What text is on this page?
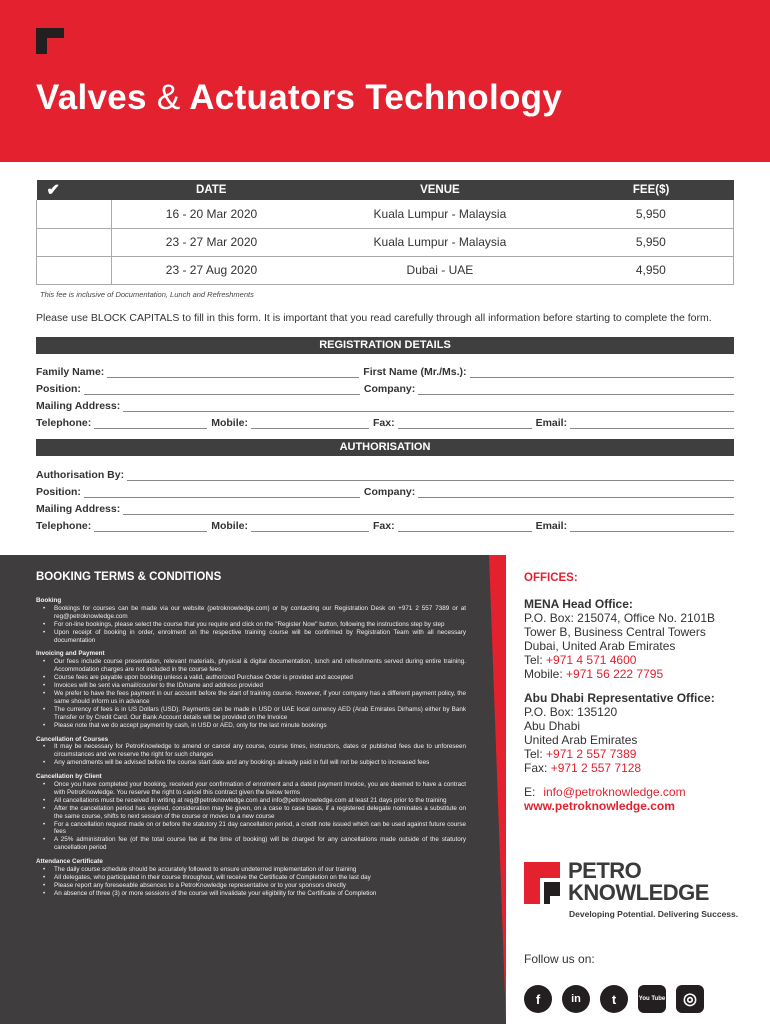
Valves & Actuators Technology
✔	DATE	VENUE	FEE($)
	16 - 20 Mar 2020	Kuala Lumpur - Malaysia	5,950
	23 - 27 Mar 2020	Kuala Lumpur - Malaysia	5,950
	23 - 27 Aug 2020	Dubai - UAE	4,950
This fee is inclusive of Documentation, Lunch and Refreshments
Please use BLOCK CAPITALS to fill in this form. It is important that you read carefully through all information before starting to complete the form.
REGISTRATION DETAILS
Family Name:	First Name (Mr./Ms.):
Position:	Company:
Mailing Address:
Telephone:	Mobile:	Fax:	Email:
AUTHORISATION
Authorisation By:
Position:	Company:
Mailing Address:
Telephone:	Mobile:	Fax:	Email:
BOOKING TERMS & CONDITIONS
Booking
• Bookings for courses can be made via our website (petroknowledge.com) or by contacting our Registration Desk on +971 2 557 7389 or at reg@petroknowledge.com
• For on-line bookings, please select the course that you require and click on the "Register Now" button, following the instructions step by step
• Upon receipt of booking in order, enrolment on the respective training course will be confirmed by Registration Team with all necessary documentation
Invoicing and Payment
• Our fees include course presentation, relevant materials, physical & digital documentation, lunch and refreshments served during entire training. Accommodation charges are not included in the course fees
• Course fees are payable upon booking unless a valid, authorized Purchase Order is provided and accepted
• Invoices will be sent via email/courier to the ID/name and address provided
• We prefer to have the fees payment in our account before the start of training course. However, if your company has a different payment policy, the same should inform us in advance
• The currency of fees is in US Dollars (USD). Payments can be made in USD or UAE local currency AED (Arab Emirates Dirhams) either by Bank Transfer or by Credit Card. Our Bank Account details will be provided on the Invoice
• Please note that we do accept payment by cash, in USD or AED, only for the last minute bookings
Cancellation of Courses
• It may be necessary for PetroKnowledge to amend or cancel any course, course times, instructors, dates or published fees due to unforeseen circumstances and we reserve the right for such changes
• Any amendments will be advised before the course start date and any bookings already paid in full will not be subject to increased fees
Cancellation by Client
• Once you have completed your booking, received your confirmation of enrolment and a dated payment Invoice, you are deemed to have a contract with PetroKnowledge. You reserve the right to cancel this contract given the below terms
• All cancellations must be received in writing at reg@petroknowledge.com and info@petroknowledge.com at least 21 days prior to the training
• After the cancellation period has expired, consideration may be given, on a case to case basis, if a registered delegate nominates a substitute on the same course, shifts to next session of the course or moves to a new course
• For a cancellation request made on or before the statutory 21 day cancellation period, a credit note issued which can be used against future course fees
• A 25% administration fee (of the total course fee at the time of booking) will be charged for any cancellations made outside of the statutory cancellation period
Attendance Certificate
• The daily course schedule should be accurately followed to ensure undeterred implementation of our training
• All delegates, who participated in their course throughout, will receive the Certificate of Completion on the last day
• Please report any foreseeable absences to a PetroKnowledge representative or to your sponsors directly
• An absence of three (3) or more sessions of the course will invalidate your eligibility for the Certificate of Completion
OFFICES:
MENA Head Office:
P.O. Box: 215074, Office No. 2101B
Tower B, Business Central Towers
Dubai, United Arab Emirates
Tel: +971 4 571 4600
Mobile: +971 56 222 7795
Abu Dhabi Representative Office:
P.O. Box: 135120
Abu Dhabi
United Arab Emirates
Tel: +971 2 557 7389
Fax: +971 2 557 7128
E: info@petroknowledge.com
www.petroknowledge.com
PETRO
KNOWLEDGE
Developing Potential. Delivering Success.
Follow us on:
f	in	t	You Tube	◎
